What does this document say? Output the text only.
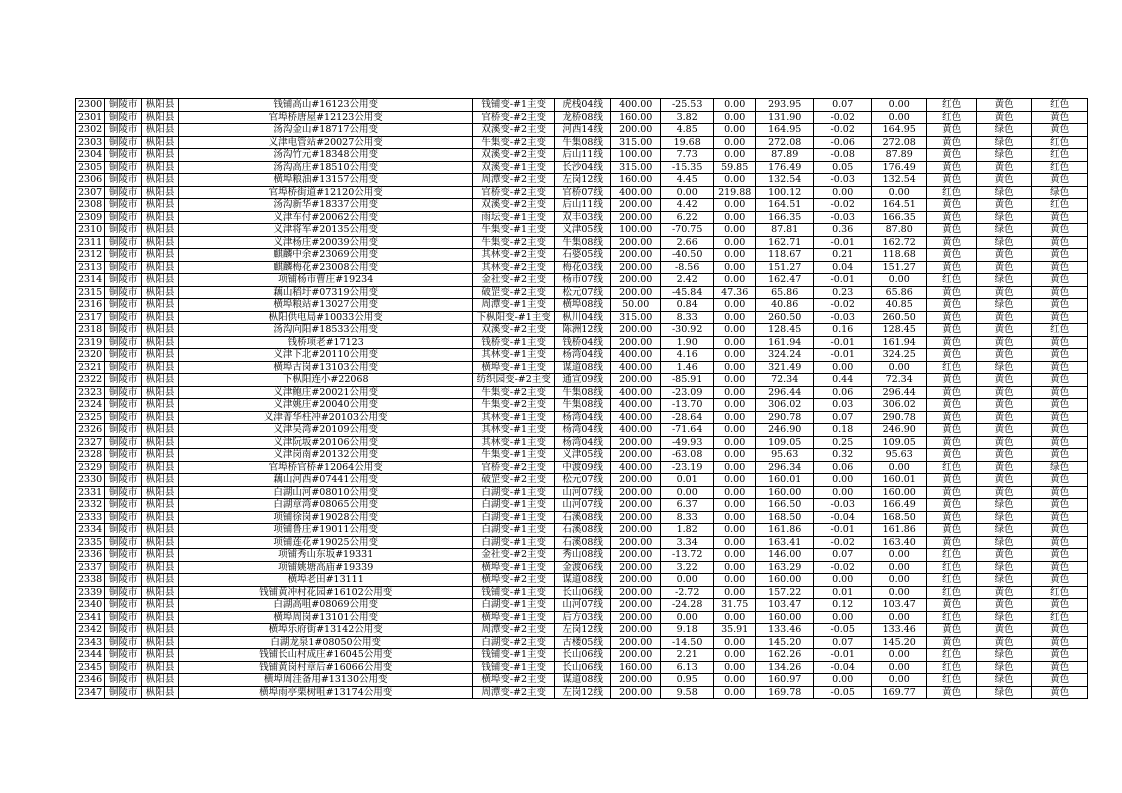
2300	铜陵市	枞阳县	钱铺高山#16123公用变	钱铺变-#1主变	虎栈04线	400.00	-25.53	0.00	293.95	0.07	0.00	红色	黄色	红色
2301	铜陵市	枞阳县	官埠桥唐屋#12123公用变	官桥变-#2主变	龙桥08线	160.00	3.82	0.00	131.90	-0.02	0.00	红色	黄色	黄色
2302	铜陵市	枞阳县	汤沟金山#18717公用变	双溪变-#2主变	河西14线	200.00	4.85	0.00	164.95	-0.02	164.95	黄色	绿色	黄色
2303	铜陵市	枞阳县	义津电管站#20027公用变	牛集变-#2主变	牛集08线	315.00	19.68	0.00	272.08	-0.06	272.08	黄色	绿色	红色
2304	铜陵市	枞阳县	汤沟竹元#18348公用变	双溪变-#2主变	后山11线	100.00	7.73	0.00	87.89	-0.08	87.89	黄色	绿色	红色
2305	铜陵市	枞阳县	汤沟高庄#18510公用变	双溪变-#1主变	长沙04线	315.00	-15.35	59.85	176.49	0.05	176.49	黄色	黄色	红色
2306	铜陵市	枞阳县	横埠粮油#13157公用变	周潭变-#2主变	左岗12线	160.00	4.45	0.00	132.54	-0.03	132.54	黄色	黄色	黄色
2307	铜陵市	枞阳县	官埠桥街道#12120公用变	官桥变-#2主变	官桥07线	400.00	0.00	219.88	100.12	0.00	0.00	红色	绿色	绿色
2308	铜陵市	枞阳县	汤沟新华#18337公用变	双溪变-#2主变	后山11线	200.00	4.42	0.00	164.51	-0.02	164.51	黄色	黄色	红色
2309	铜陵市	枞阳县	义津车付#20062公用变	雨坛变-#1主变	双丰03线	200.00	6.22	0.00	166.35	-0.03	166.35	黄色	绿色	黄色
2310	铜陵市	枞阳县	义津将军#20135公用变	牛集变-#1主变	义津05线	100.00	-70.75	0.00	87.81	0.36	87.80	黄色	绿色	黄色
2311	铜陵市	枞阳县	义津杨庄#20039公用变	牛集变-#2主变	牛集08线	200.00	2.66	0.00	162.71	-0.01	162.72	黄色	绿色	黄色
2312	铜陵市	枞阳县	麒麟中余#23069公用变	其林变-#2主变	石婆05线	200.00	-40.50	0.00	118.67	0.21	118.68	黄色	黄色	黄色
2313	铜陵市	枞阳县	麒麟梅花#23008公用变	其林变-#2主变	梅花03线	200.00	-8.56	0.00	151.27	0.04	151.27	黄色	黄色	黄色
2314	铜陵市	枞阳县	项铺杨市曹庄#19234	金社变-#2主变	杨市07线	200.00	2.42	0.00	162.47	-0.01	0.00	红色	绿色	黄色
2315	铜陵市	枞阳县	藕山稻圩#07319公用变	破罡变-#2主变	松元07线	200.00	-45.84	47.36	65.86	0.23	65.86	黄色	黄色	黄色
2316	铜陵市	枞阳县	横埠粮站#13027公用变	周潭变-#1主变	横埠08线	50.00	0.84	0.00	40.86	-0.02	40.85	黄色	绿色	黄色
2317	铜陵市	枞阳县	枞阳供电局#10033公用变	下枞阳变-#1主变	枞川04线	315.00	8.33	0.00	260.50	-0.03	260.50	黄色	黄色	黄色
2318	铜陵市	枞阳县	汤沟向阳#18533公用变	双溪变-#2主变	陈洲12线	200.00	-30.92	0.00	128.45	0.16	128.45	黄色	黄色	红色
2319	铜陵市	枞阳县	钱桥项老#17123	钱桥变-#1主变	钱桥04线	200.00	1.90	0.00	161.94	-0.01	161.94	黄色	黄色	黄色
2320	铜陵市	枞阳县	义津下北#20110公用变	其林变-#1主变	杨湾04线	400.00	4.16	0.00	324.24	-0.01	324.25	黄色	黄色	黄色
2321	铜陵市	枞阳县	横埠古岗#13103公用变	横埠变-#1主变	谋道08线	400.00	1.46	0.00	321.49	0.00	0.00	红色	绿色	黄色
2322	铜陵市	枞阳县	下枞阳连小#22068	纺织园变-#2主变	通宣09线	200.00	-85.91	0.00	72.34	0.44	72.34	黄色	黄色	黄色
2323	铜陵市	枞阳县	义津鲍庄#20021公用变	牛集变-#2主变	牛集08线	400.00	-23.09	0.00	296.44	0.06	296.44	黄色	黄色	黄色
2324	铜陵市	枞阳县	义津姚庄#20040公用变	牛集变-#2主变	牛集08线	400.00	-13.70	0.00	306.02	0.03	306.02	黄色	黄色	黄色
2325	铜陵市	枞阳县	义津菁华柱冲#20103公用变	其林变-#1主变	杨湾04线	400.00	-28.64	0.00	290.78	0.07	290.78	黄色	黄色	黄色
2326	铜陵市	枞阳县	义津吴湾#20109公用变	其林变-#1主变	杨湾04线	400.00	-71.64	0.00	246.90	0.18	246.90	黄色	黄色	黄色
2327	铜陵市	枞阳县	义津阮坂#20106公用变	其林变-#1主变	杨湾04线	200.00	-49.93	0.00	109.05	0.25	109.05	黄色	黄色	黄色
2328	铜陵市	枞阳县	义津岗南#20132公用变	牛集变-#1主变	义津05线	200.00	-63.08	0.00	95.63	0.32	95.63	黄色	黄色	黄色
2329	铜陵市	枞阳县	官埠桥官桥#12064公用变	官桥变-#2主变	中渡09线	400.00	-23.19	0.00	296.34	0.06	0.00	红色	黄色	绿色
2330	铜陵市	枞阳县	藕山河西#07441公用变	破罡变-#2主变	松元07线	200.00	0.01	0.00	160.01	0.00	160.01	黄色	黄色	黄色
2331	铜陵市	枞阳县	白湖山河#08010公用变	白湖变-#1主变	山河07线	200.00	0.00	0.00	160.00	0.00	160.00	黄色	黄色	黄色
2332	铜陵市	枞阳县	白湖章湾#08065公用变	白湖变-#1主变	山河07线	200.00	6.37	0.00	166.50	-0.03	166.49	黄色	绿色	黄色
2333	铜陵市	枞阳县	项铺徐岗#19028公用变	白湖变-#1主变	石溪08线	200.00	8.33	0.00	168.50	-0.04	168.50	黄色	绿色	黄色
2334	铜陵市	枞阳县	项铺鲁庄#19011公用变	白湖变-#1主变	石溪08线	200.00	1.82	0.00	161.86	-0.01	161.86	黄色	绿色	黄色
2335	铜陵市	枞阳县	项铺莲花#19025公用变	白湖变-#1主变	石溪08线	200.00	3.34	0.00	163.41	-0.02	163.40	黄色	绿色	黄色
2336	铜陵市	枞阳县	项铺秀山东坂#19331	金社变-#2主变	秀山08线	200.00	-13.72	0.00	146.00	0.07	0.00	红色	黄色	黄色
2337	铜陵市	枞阳县	项铺姚塘高庙#19339	横埠变-#1主变	金渡06线	200.00	3.22	0.00	163.29	-0.02	0.00	红色	绿色	黄色
2338	铜陵市	枞阳县	横埠老田#13111	横埠变-#2主变	谋道08线	200.00	0.00	0.00	160.00	0.00	0.00	红色	绿色	黄色
2339	铜陵市	枞阳县	钱铺黄冲村花园#16102公用变	钱铺变-#1主变	长山06线	200.00	-2.72	0.00	157.22	0.01	0.00	红色	黄色	红色
2340	铜陵市	枞阳县	白湖高咀#08069公用变	白湖变-#1主变	山河07线	200.00	-24.28	31.75	103.47	0.12	103.47	黄色	黄色	黄色
2341	铜陵市	枞阳县	横埠周岗#13101公用变	横埠变-#1主变	后方03线	200.00	0.00	0.00	160.00	0.00	0.00	红色	绿色	红色
2342	铜陵市	枞阳县	横埠乐府街#13142公用变	周潭变-#2主变	左岗12线	200.00	9.18	35.91	133.46	-0.05	133.46	黄色	黄色	黄色
2343	铜陵市	枞阳县	白湖龙泉1#08050公用变	白湖变-#2主变	古楼05线	200.00	-14.50	0.00	145.20	0.07	145.20	黄色	黄色	黄色
2344	铜陵市	枞阳县	钱铺长山村成庄#16045公用变	钱铺变-#1主变	长山06线	200.00	2.21	0.00	162.26	-0.01	0.00	红色	绿色	黄色
2345	铜陵市	枞阳县	钱铺黄岗村章后#16066公用变	钱铺变-#1主变	长山06线	160.00	6.13	0.00	134.26	-0.04	0.00	红色	绿色	黄色
2346	铜陵市	枞阳县	横埠周洼备用#13130公用变	横埠变-#2主变	谋道08线	200.00	0.95	0.00	160.97	0.00	0.00	红色	绿色	黄色
2347	铜陵市	枞阳县	横埠雨亭栗树咀#13174公用变	周潭变-#2主变	左岗12线	200.00	9.58	0.00	169.78	-0.05	169.77	黄色	绿色	黄色
